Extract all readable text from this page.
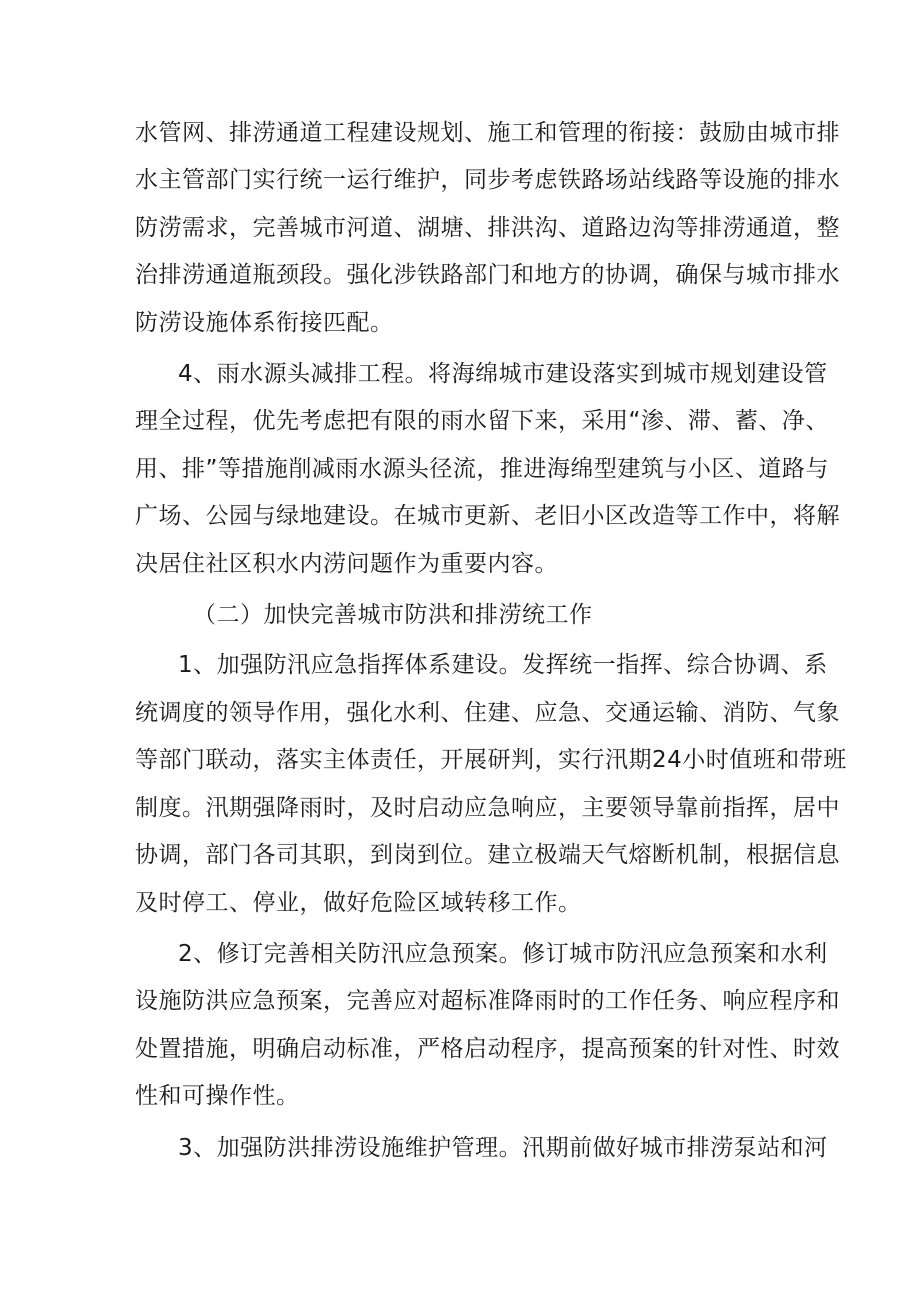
水管网、排涝通道工程建设规划、施工和管理的衔接：鼓励由城市排
水主管部门实行统一运行维护，同步考虑铁路场站线路等设施的排水
防涝需求，完善城市河道、湖塘、排洪沟、道路边沟等排涝通道，整
治排涝通道瓶颈段。强化涉铁路部门和地方的协调，确保与城市排水
防涝设施体系衔接匹配。
4、雨水源头减排工程。将海绵城市建设落实到城市规划建设管
理全过程，优先考虑把有限的雨水留下来，采用“渗、滞、蓄、净、
用、排”等措施削减雨水源头径流，推进海绵型建筑与小区、道路与
广场、公园与绿地建设。在城市更新、老旧小区改造等工作中，将解
决居住社区积水内涝问题作为重要内容。
（二）加快完善城市防洪和排涝统工作
1、加强防汛应急指挥体系建设。发挥统一指挥、综合协调、系
统调度的领导作用，强化水利、住建、应急、交通运输、消防、气象
等部门联动，落实主体责任，开展研判，实行汛期24小时值班和带班
制度。汛期强降雨时，及时启动应急响应，主要领导靠前指挥，居中
协调，部门各司其职，到岗到位。建立极端天气熔断机制，根据信息
及时停工、停业，做好危险区域转移工作。
2、修订完善相关防汛应急预案。修订城市防汛应急预案和水利
设施防洪应急预案，完善应对超标准降雨时的工作任务、响应程序和
处置措施，明确启动标准，严格启动程序，提高预案的针对性、时效
性和可操作性。
3、加强防洪排涝设施维护管理。汛期前做好城市排涝泵站和河
